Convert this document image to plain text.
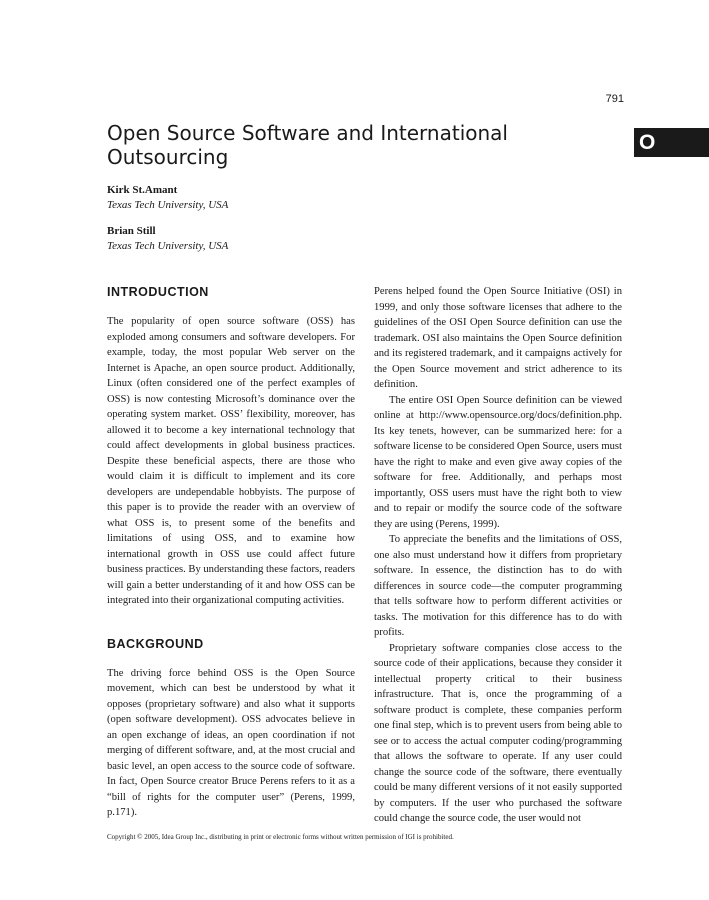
791
O
Open Source Software and International Outsourcing
Kirk St.Amant
Texas Tech University, USA
Brian Still
Texas Tech University, USA
INTRODUCTION

The popularity of open source software (OSS) has exploded among consumers and software developers. For example, today, the most popular Web server on the Internet is Apache, an open source product. Additionally, Linux (often considered one of the perfect examples of OSS) is now contesting Microsoft’s dominance over the operating system market. OSS’ flexibility, moreover, has allowed it to become a key international technology that could affect developments in global business practices. Despite these beneficial aspects, there are those who would claim it is difficult to implement and its core developers are undependable hobbyists. The purpose of this paper is to provide the reader with an overview of what OSS is, to present some of the benefits and limitations of using OSS, and to examine how international growth in OSS use could affect future business practices. By understanding these factors, readers will gain a better understanding of it and how OSS can be integrated into their organizational computing activities.

BACKGROUND

The driving force behind OSS is the Open Source movement, which can best be understood by what it opposes (proprietary software) and also what it supports (open software development). OSS advocates believe in an open exchange of ideas, an open coordination if not merging of different software, and, at the most crucial and basic level, an open access to the source code of software. In fact, Open Source creator Bruce Perens refers to it as a “bill of rights for the computer user” (Perens, 1999, p.171).

Perens helped found the Open Source Initiative (OSI) in 1999, and only those software licenses that adhere to the guidelines of the OSI Open Source definition can use the trademark. OSI also maintains the Open Source definition and its registered trademark, and it campaigns actively for the Open Source movement and strict adherence to its definition.

The entire OSI Open Source definition can be viewed online at http://www.opensource.org/docs/definition.php. Its key tenets, however, can be summarized here: for a software license to be considered Open Source, users must have the right to make and even give away copies of the software for free. Additionally, and perhaps most importantly, OSS users must have the right both to view and to repair or modify the source code of the software they are using (Perens, 1999).

To appreciate the benefits and the limitations of OSS, one also must understand how it differs from proprietary software. In essence, the distinction has to do with differences in source code—the computer programming that tells software how to perform different activities or tasks. The motivation for this difference has to do with profits.

Proprietary software companies close access to the source code of their applications, because they consider it intellectual property critical to their business infrastructure. That is, once the programming of a software product is complete, these companies perform one final step, which is to prevent users from being able to see or to access the actual computer coding/programming that allows the software to operate. If any user could change the source code of the software, there eventually could be many different versions of it not easily supported by computers. If the user who purchased the software could change the source code, the user would not

Copyright © 2005, Idea Group Inc., distributing in print or electronic forms without written permission of IGI is prohibited.
